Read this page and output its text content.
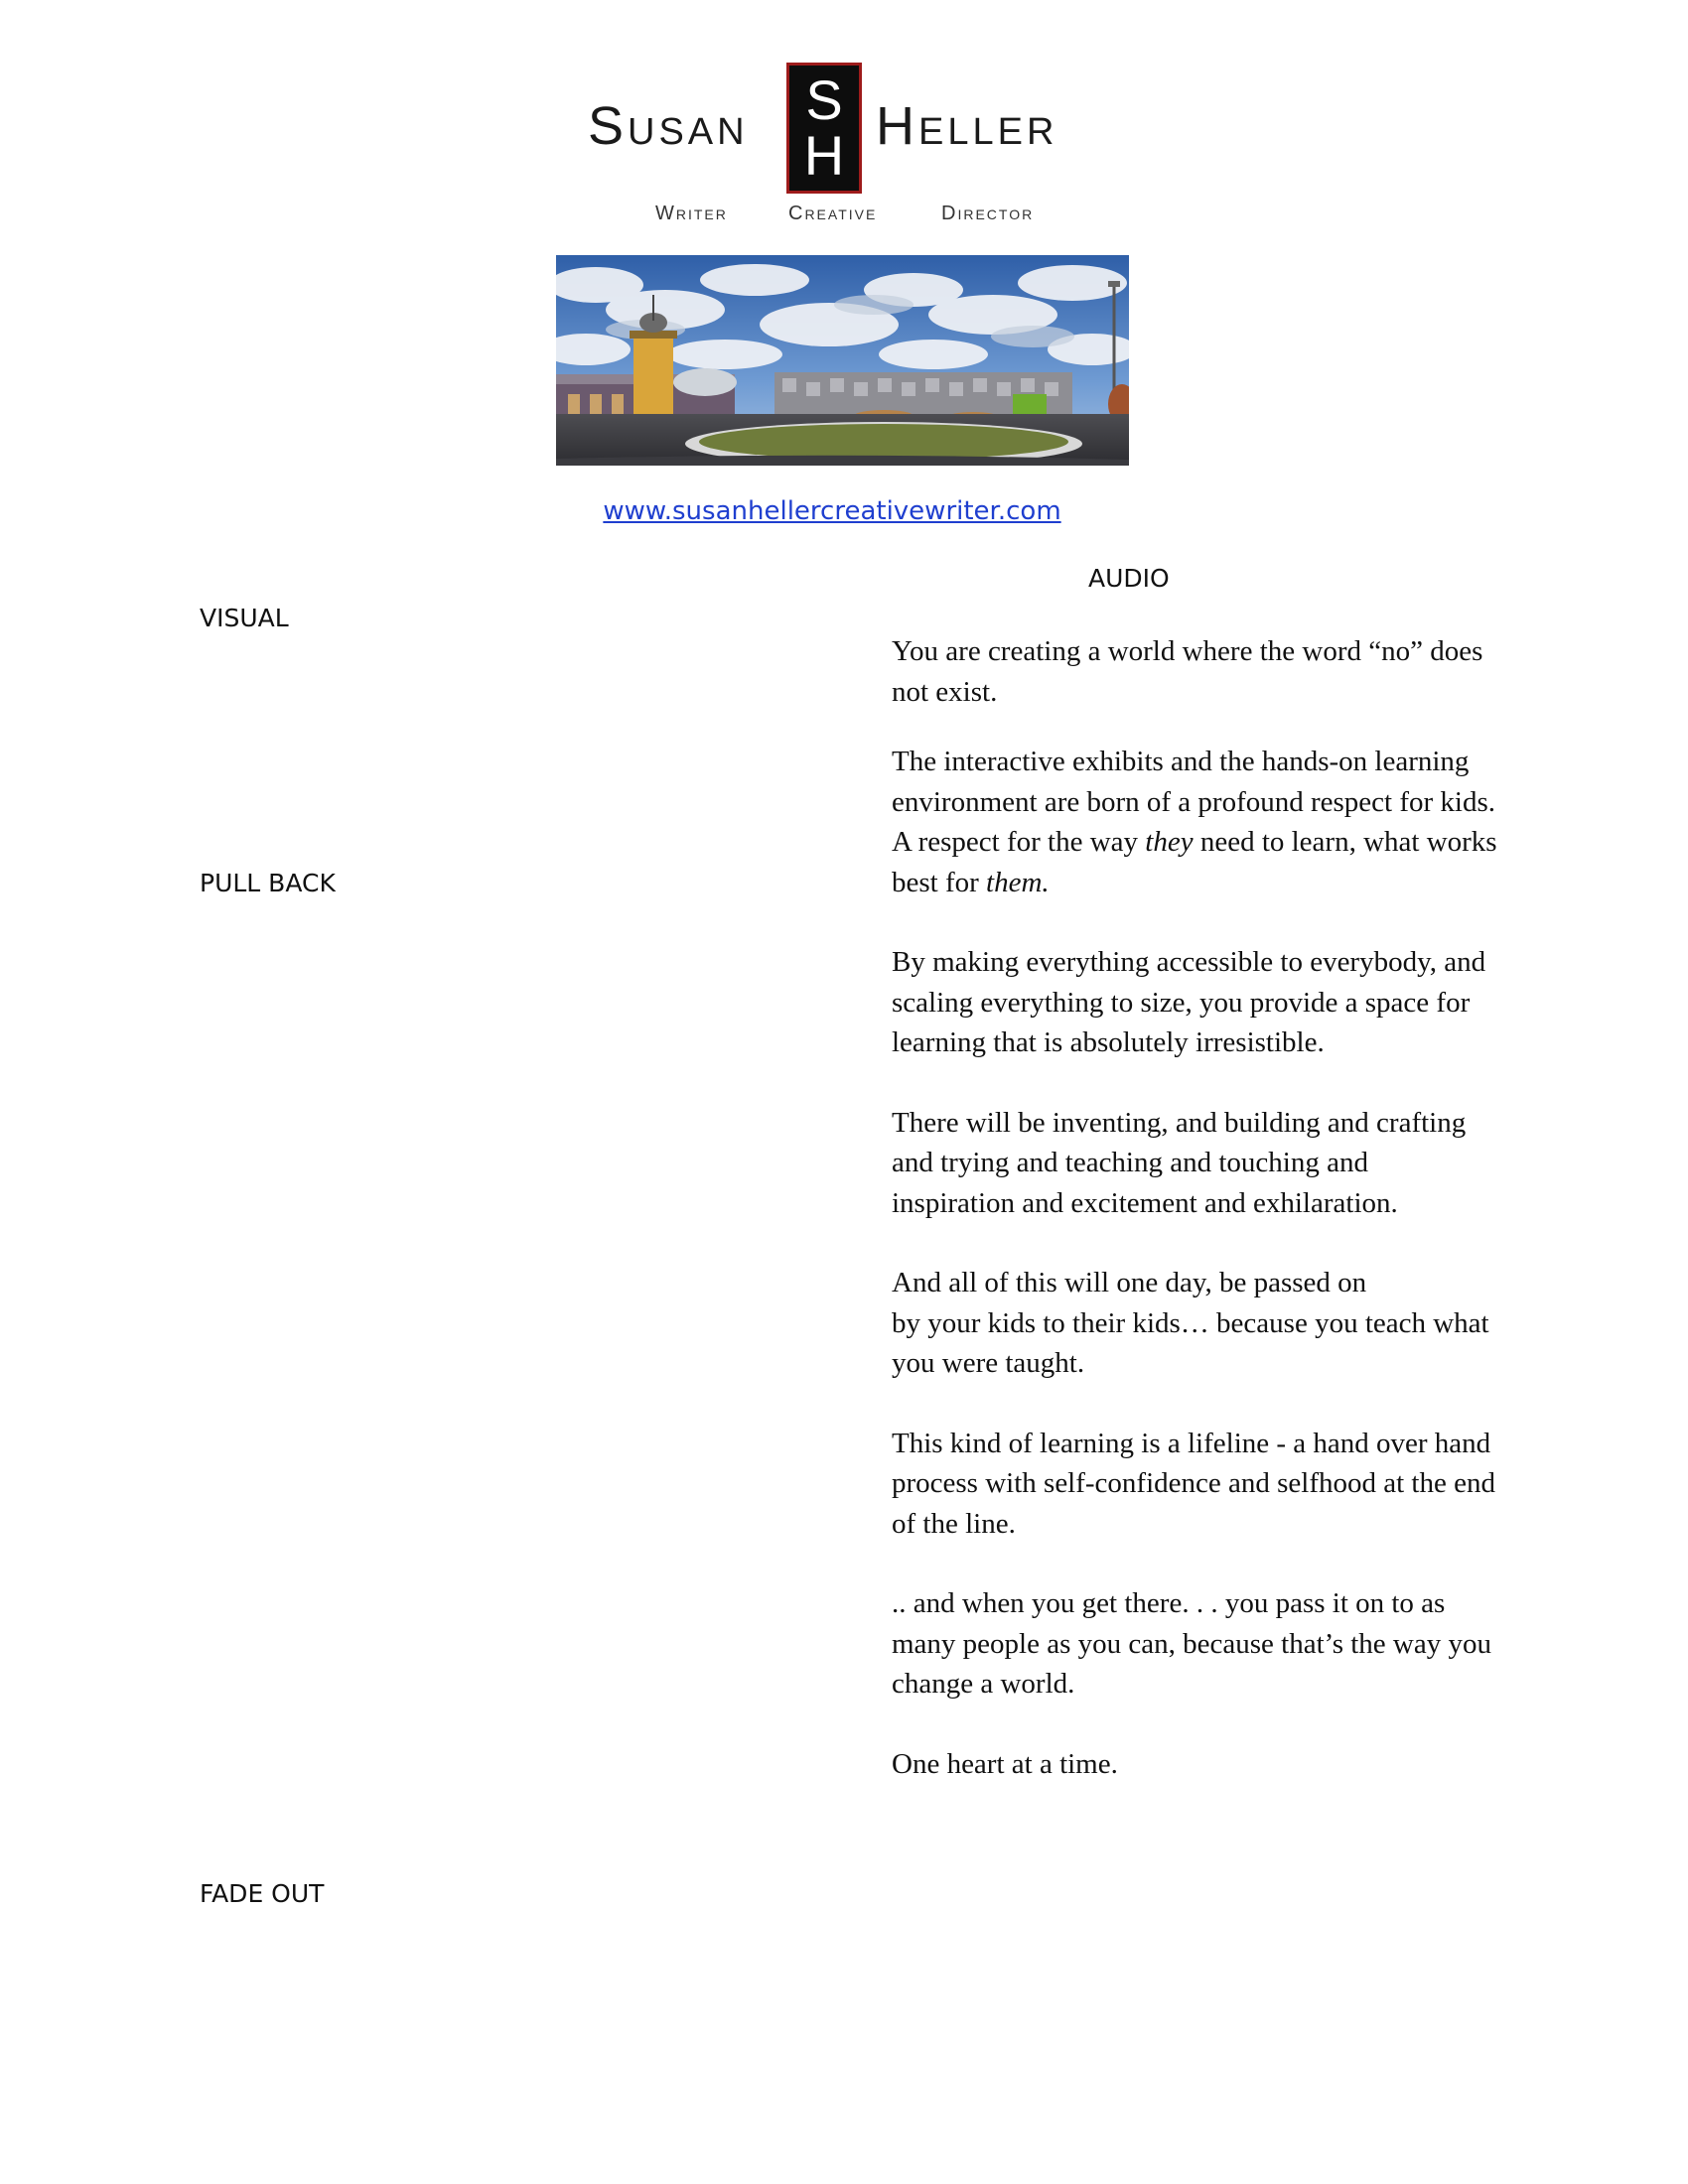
Susan S
H Heller
Writer	Creative	Director
www.susanhellercreativewriter.com
AUDIO
VISUAL
PULL BACK
FADE OUT

You are creating a world where the word “no” does not exist.

The interactive exhibits and the hands-on learning environment are born of a profound respect for kids. A respect for the way they need to learn, what works best for them.

By making everything accessible to everybody, and scaling everything to size, you provide a space for learning that is absolutely irresistible.

There will be inventing, and building and crafting and trying and teaching and touching and inspiration and excitement and exhilaration.

And all of this will one day, be passed on
by your kids to their kids… because you teach what you were taught.

This kind of learning is a lifeline - a hand over hand process with self-confidence and selfhood at the end of the line.

.. and when you get there. . . you pass it on to as many people as you can, because that’s the way you change a world.

One heart at a time.
